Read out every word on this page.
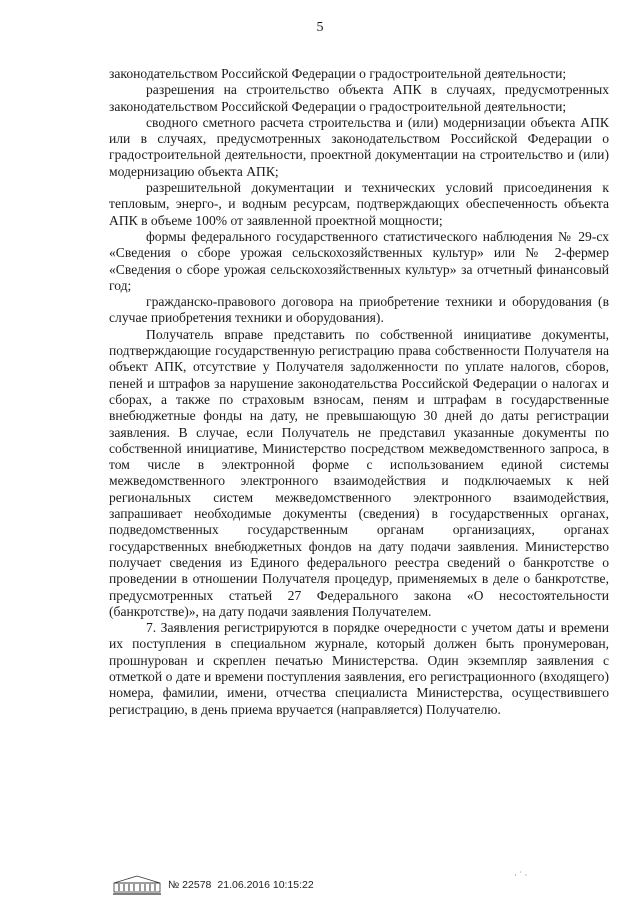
5

законодательством Российской Федерации о градостроительной деятельности;

разрешения на строительство объекта АПК в случаях, предусмотренных законодательством Российской Федерации о градостроительной деятельности;

сводного сметного расчета строительства и (или) модернизации объекта АПК или в случаях, предусмотренных законодательством Российской Федерации о градостроительной деятельности, проектной документации на строительство и (или) модернизацию объекта АПК;

разрешительной документации и технических условий присоединения к тепловым, энерго-, и водным ресурсам, подтверждающих обеспеченность объекта АПК в объеме 100% от заявленной проектной мощности;

формы федерального государственного статистического наблюдения № 29-сх «Сведения о сборе урожая сельскохозяйственных культур» или № 2-фермер «Сведения о сборе урожая сельскохозяйственных культур» за отчетный финансовый год;

гражданско-правового договора на приобретение техники и оборудования (в случае приобретения техники и оборудования).

Получатель вправе представить по собственной инициативе документы, подтверждающие государственную регистрацию права собственности Получателя на объект АПК, отсутствие у Получателя задолженности по уплате налогов, сборов, пеней и штрафов за нарушение законодательства Российской Федерации о налогах и сборах, а также по страховым взносам, пеням и штрафам в государственные внебюджетные фонды на дату, не превышающую 30 дней до даты регистрации заявления. В случае, если Получатель не представил указанные документы по собственной инициативе, Министерство посредством межведомственного запроса, в том числе в электронной форме с использованием единой системы межведомственного электронного взаимодействия и подключаемых к ней региональных систем межведомственного электронного взаимодействия, запрашивает необходимые документы (сведения) в государственных органах, подведомственных государственным органам организациях, органах государственных внебюджетных фондов на дату подачи заявления. Министерство получает сведения из Единого федерального реестра сведений о банкротстве о проведении в отношении Получателя процедур, применяемых в деле о банкротстве, предусмотренных статьей 27 Федерального закона «О несостоятельности (банкротстве)», на дату подачи заявления Получателем.

7. Заявления регистрируются в порядке очередности с учетом даты и времени их поступления в специальном журнале, который должен быть пронумерован, прошнурован и скреплен печатью Министерства. Один экземпляр заявления с отметкой о дате и времени поступления заявления, его регистрационного (входящего) номера, фамилии, имени, отчества специалиста Министерства, осуществившего регистрацию, в день приема вручается (направляется) Получателю.

№ 22578 21.06.2016 10:15:22
· ˙ ·
